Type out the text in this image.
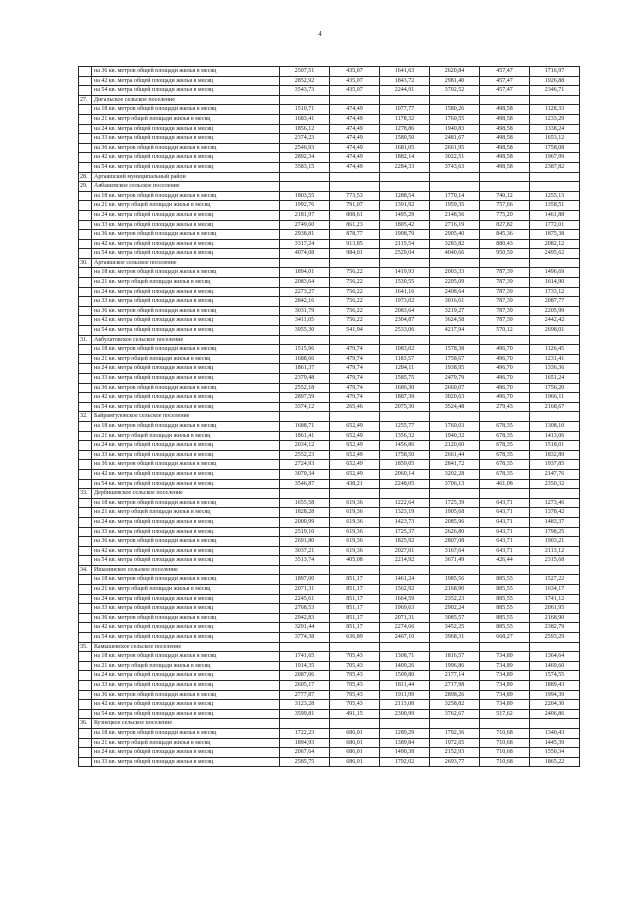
4
	на 36 кв. метров общей площади жилья в месяц	2507,51	435,07	1641,63	2620,84	457,47	1716,97
	на 42 кв. метра общей площади жилья в месяц	2852,92	435,07	1843,72	2981,40	457,47	1926,88
	на 54 кв. метра общей площади жилья в месяц	3543,73	435,07	2244,91	3702,52	457,47	2346,71
27.	Дигальское сельское поселение						
	на 18 кв. метров общей площади жилья в месяц	1510,71	474,49	1077,77	1580,26	498,58	1128,33
	на 21 кв. метр общей площади жилья в месяц	1683,41	474,49	1178,32	1760,55	498,58	1233,29
	на 24 кв. метра общей площади жилья в месяц	1856,12	474,49	1278,86	1940,83	498,58	1338,24
	на 33 кв. метра общей площади жилья в месяц	2374,23	474,49	1580,50	2481,67	498,58	1653,12
	на 36 кв. метров общей площади жилья в месяц	2546,93	474,49	1681,05	2661,95	498,58	1758,08
	на 42 кв. метра общей площади жилья в месяц	2892,34	474,49	1882,14	3022,51	498,58	1967,99
	на 54 кв. метра общей площади жилья в месяц	3583,15	474,49	2284,33	3743,63	498,58	2387,82
28.	Аргаяшский муниципальный район						
29.	Аябашевское сельское поселение						
	на 18 кв. метров общей площади жилья в месяц	1803,55	773,53	1288,54	1770,14	740,12	1255,13
	на 21 кв. метр общей площади жилья в месяц	1992,76	791,07	1391,92	1959,35	757,66	1358,51
	на 24 кв. метра общей площади жилья в месяц	2181,97	808,61	1495,29	2148,56	775,20	1461,88
	на 33 кв. метра общей площади жилья в месяц	2749,60	861,23	1805,42	2716,19	827,82	1772,01
	на 36 кв. метров общей площади жилья в месяц	2938,81	878,77	1908,79	2905,40	845,36	1875,38
	на 42 кв. метра общей площади жилья в месяц	3317,24	913,85	2115,54	3283,82	880,43	2082,12
	на 54 кв. метра общей площади жилья в месяц	4074,08	984,01	2529,04	4040,66	950,59	2495,62
30.	Аргаяшское сельское поселение						
	на 18 кв. метров общей площади жилья в месяц	1894,01	756,22	1419,93	2003,33	787,39	1496,69
	на 21 кв. метр общей площади жилья в месяц	2083,64	756,22	1530,55	2205,09	787,39	1614,90
	на 24 кв. метра общей площади жилья в месяц	2273,27	756,22	1641,16	2408,64	787,39	1733,12
	на 33 кв. метра общей площади жилья в месяц	2842,16	756,22	1973,02	3016,61	787,39	2087,77
	на 36 кв. метров общей площади жилья в месяц	3031,79	756,22	2083,64	3219,27	787,39	2205,99
	на 42 кв. метра общей площади жилья в месяц	3411,05	756,22	2304,87	3624,58	787,39	2442,42
	на 54 кв. метра общей площади жилья в месяц	3955,30	541,94	2533,06	4217,94	570,12	2698,01
31.	Акбулатовское сельское поселение						
	на 18 кв. метров общей площади жилья в месяц	1515,96	479,74	1083,02	1578,38	496,70	1126,45
	на 21 кв. метр общей площади жилья в месяц	1688,66	479,74	1183,57	1758,67	496,70	1231,41
	на 24 кв. метра общей площади жилья в месяц	1861,37	479,74	1284,11	1938,95	496,70	1336,36
	на 33 кв. метра общей площади жилья в месяц	2379,48	479,74	1585,75	2479,79	496,70	1651,24
	на 36 кв. метров общей площади жилья в месяц	2552,18	479,74	1686,30	2660,07	496,70	1756,20
	на 42 кв. метра общей площади жилья в месяц	2897,59	479,74	1887,39	3020,63	496,70	1966,11
	на 54 кв. метра общей площади жилья в месяц	3374,12	265,46	2075,30	3524,48	279,43	2168,67
32.	Байрамгуловское сельское поселение						
	на 18 кв. метров общей площади жилья в месяц	1688,71	652,49	1255,77	1760,03	678,35	1308,10
	на 21 кв. метр общей площади жилья в месяц	1861,41	652,49	1356,32	1940,32	678,35	1413,06
	на 24 кв. метра общей площади жилья в месяц	2034,12	652,49	1456,86	2120,60	678,35	1518,01
	на 33 кв. метра общей площади жилья в месяц	2552,23	652,49	1758,50	2661,44	678,35	1832,89
	на 36 кв. метров общей площади жилья в месяц	2724,93	652,49	1859,05	2841,72	678,35	1937,85
	на 42 кв. метра общей площади жилья в месяц	3070,34	652,49	2060,14	3202,28	678,35	2147,76
	на 54 кв. метра общей площади жилья в месяц	3546,87	438,21	2248,05	3706,13	461,08	2350,32
33.	Дербишевское сельское поселение						
	на 18 кв. метров общей площади жилья в месяц	1655,58	619,36	1222,64	1725,39	643,71	1273,46
	на 21 кв. метр общей площади жилья в месяц	1828,28	619,36	1323,19	1905,68	643,71	1378,42
	на 24 кв. метра общей площади жилья в месяц	2000,99	619,36	1423,73	2085,96	643,71	1483,37
	на 33 кв. метра общей площади жилья в месяц	2519,10	619,36	1725,37	2626,80	643,71	1798,25
	на 36 кв. метров общей площади жилья в месяц	2691,80	619,36	1825,92	2807,08	643,71	1903,21
	на 42 кв. метра общей площади жилья в месяц	3037,21	619,36	2027,01	3167,64	643,71	2113,12
	на 54 кв. метра общей площади жилья в месяц	3513,74	405,08	2214,92	3671,49	426,44	2315,68
34.	Ишалинское сельское поселение						
	на 18 кв. метров общей площади жилья в месяц	1897,00	851,17	1461,24	1985,56	885,55	1527,22
	на 21 кв. метр общей площади жилья в месяц	2071,31	851,17	1562,92	2168,90	885,55	1634,17
	на 24 кв. метра общей площади жилья в месяц	2245,61	851,17	1664,59	2352,23	885,55	1741,12
	на 33 кв. метра общей площади жилья в месяц	2768,53	851,17	1969,63	2902,24	885,55	2061,95
	на 36 кв. метров общей площади жилья в месяц	2942,83	851,17	2071,31	3085,57	885,55	2168,90
	на 42 кв. метра общей площади жилья в месяц	3291,44	851,17	2274,66	3452,25	885,55	2382,79
	на 54 кв. метра общей площади жилья в месяц	3774,38	636,89	2467,10	3968,31	668,27	2593,29
35.	Камышевское сельское поселение						
	на 18 кв. метров общей площади жилья в месяц	1741,65	705,43	1308,71	1816,57	734,89	1364,64
	на 21 кв. метр общей площади жилья в месяц	1914,35	705,43	1409,26	1996,86	734,89	1469,60
	на 24 кв. метра общей площади жилья в месяц	2087,06	705,43	1509,80	2177,14	734,89	1574,55
	на 33 кв. метра общей площади жилья в месяц	2605,17	705,43	1811,44	2717,98	734,89	1889,43
	на 36 кв. метров общей площади жилья в месяц	2777,87	705,43	1911,99	2898,26	734,89	1994,39
	на 42 кв. метра общей площади жилья в месяц	3123,28	705,43	2113,08	3258,82	734,89	2204,30
	на 54 кв. метра общей площади жилья в месяц	3599,81	491,15	2300,99	3762,67	517,62	2406,86
36.	Кузнецкое сельское поселение						
	на 18 кв. метров общей площади жилья в месяц	1722,23	686,01	1289,29	1792,36	710,68	1340,43
	на 21 кв. метр общей площади жилья в месяц	1894,93	686,01	1389,84	1972,65	710,68	1445,39
	на 24 кв. метра общей площади жилья в месяц	2067,64	686,01	1490,38	2152,93	710,68	1550,34
	на 33 кв. метра общей площади жилья в месяц	2585,75	686,01	1792,02	2693,77	710,68	1865,22
